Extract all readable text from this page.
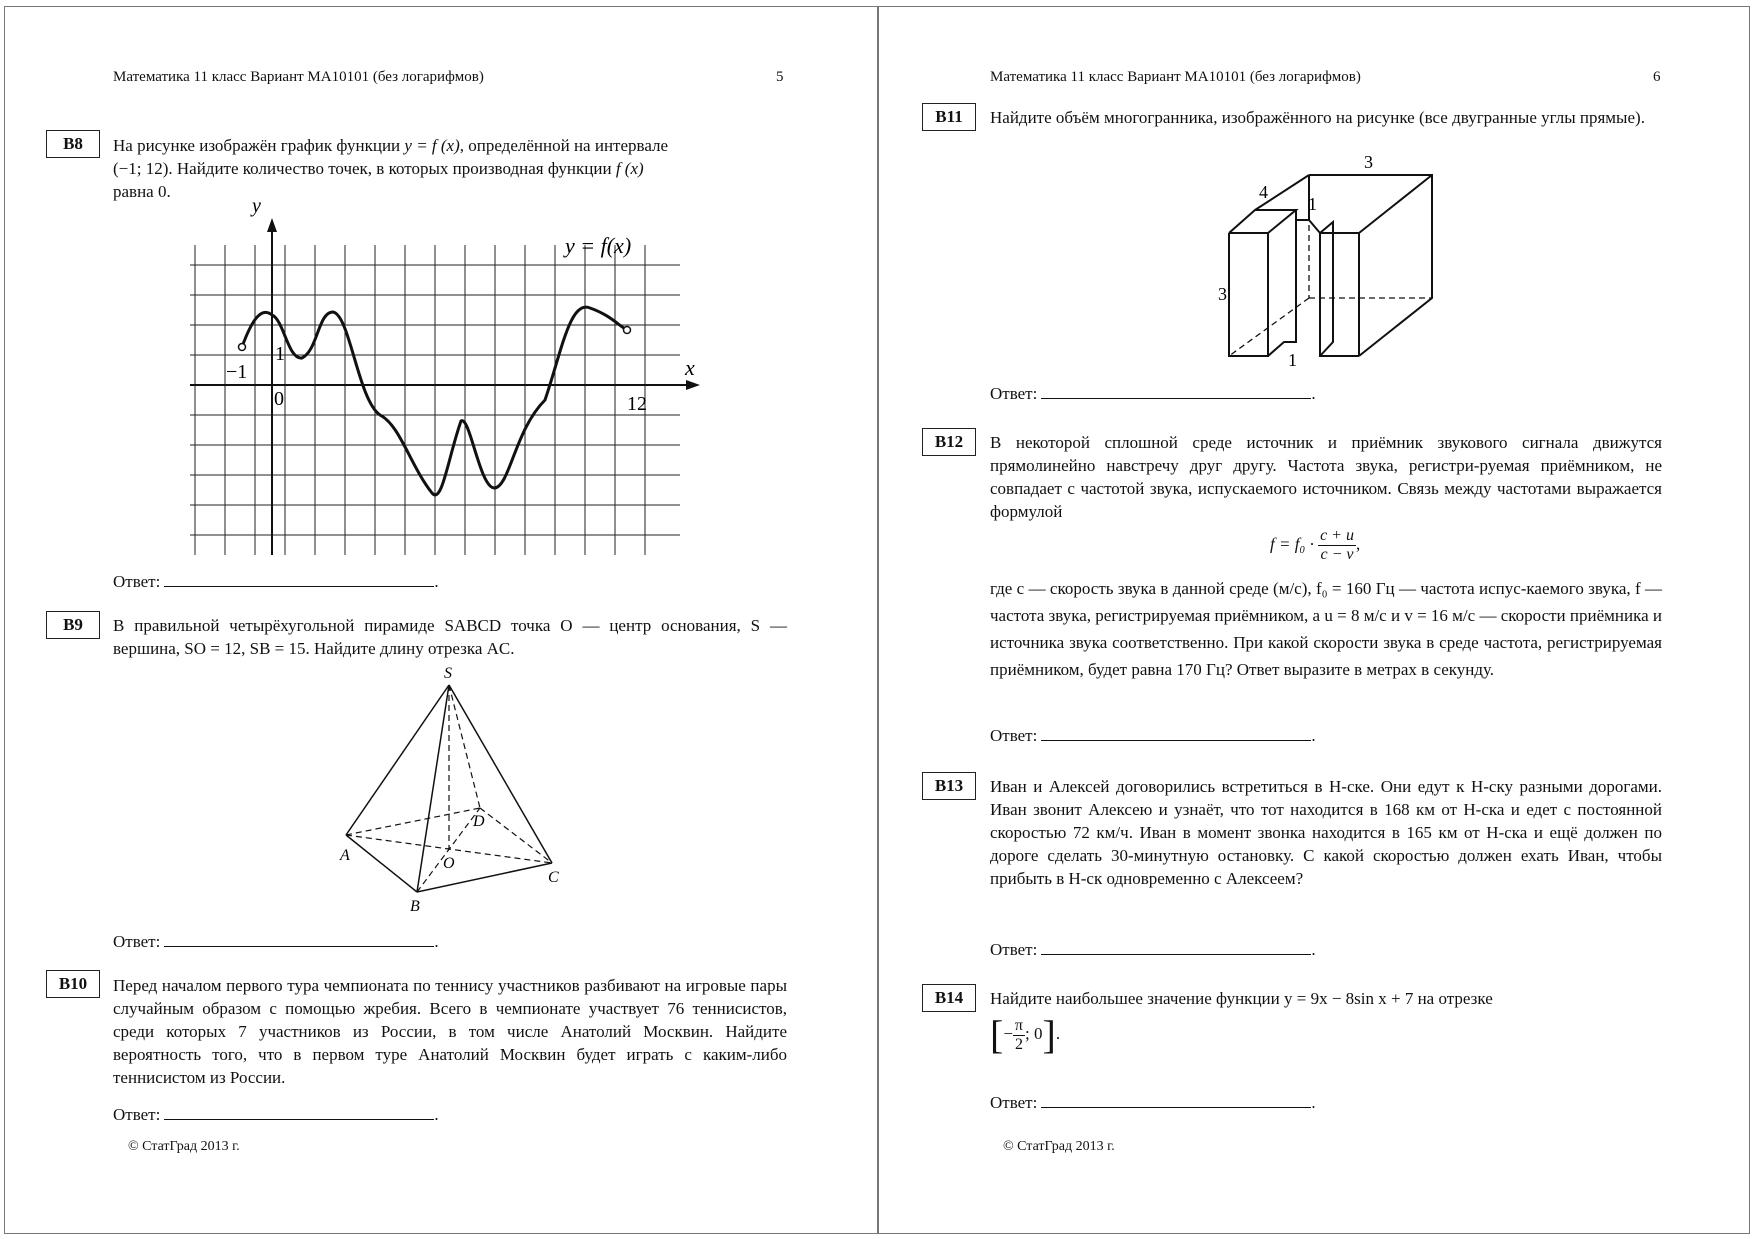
Математика 11 класс Вариант МА10101 (без логарифмов)	5
B8	На рисунке изображён график функции y = f (x), определённой на интервале
(−1; 12). Найдите количество точек, в которых производная функции f (x)
равна 0.
y
x
y = f(x)
−1
1
0	12
Ответ:	.
B9	В правильной четырёхугольной пирамиде SABCD точка O — центр основания, S — вершина, SO = 12, SB = 15. Найдите длину отрезка AC.
S
A
B
C
D
O
Ответ:	.
B10	Перед началом первого тура чемпионата по теннису участников разбивают на игровые пары случайным образом с помощью жребия. Всего в чемпионате участвует 76 теннисистов, среди которых 7 участников из России, в том числе Анатолий Москвин. Найдите вероятность того, что в первом туре Анатолий Москвин будет играть с каким-либо теннисистом из России.
Ответ:	.
© СтатГрад 2013 г.
Математика 11 класс Вариант МА10101 (без логарифмов)	6
B11	Найдите объём многогранника, изображённого на рисунке (все двугранные углы прямые).
3
4
1
3
1
Ответ:	.
B12	В некоторой сплошной среде источник и приёмник звукового сигнала движутся прямолинейно навстречу друг другу. Частота звука, регистри-руемая приёмником, не совпадает с частотой звука, испускаемого источником. Связь между частотами выражается формулой
$f = f_0 \cdot \frac{c + u}{c - v}$ ,
где c — скорость звука в данной среде (м/с), f₀ = 160 Гц — частота испус-каемого звука, f — частота звука, регистрируемая приёмником, а u = 8 м/с и v = 16 м/с — скорости приёмника и источника звука соответственно. При какой скорости звука в среде частота, регистрируемая приёмником, будет равна 170 Гц? Ответ выразите в метрах в секунду.
Ответ:	.
B13	Иван и Алексей договорились встретиться в Н-ске. Они едут к Н-ску разными дорогами. Иван звонит Алексею и узнаёт, что тот находится в 168 км от Н-ска и едет с постоянной скоростью 72 км/ч. Иван в момент звонка находится в 165 км от Н-ска и ещё должен по дороге сделать 30-минутную остановку. С какой скоростью должен ехать Иван, чтобы прибыть в Н-ск одновременно с Алексеем?
Ответ:	.
B14	Найдите наибольшее значение функции y = 9x − 8sin x + 7 на отрезке
[− $\frac{\pi}{2}$ ; 0].
Ответ:	.
© СтатГрад 2013 г.
